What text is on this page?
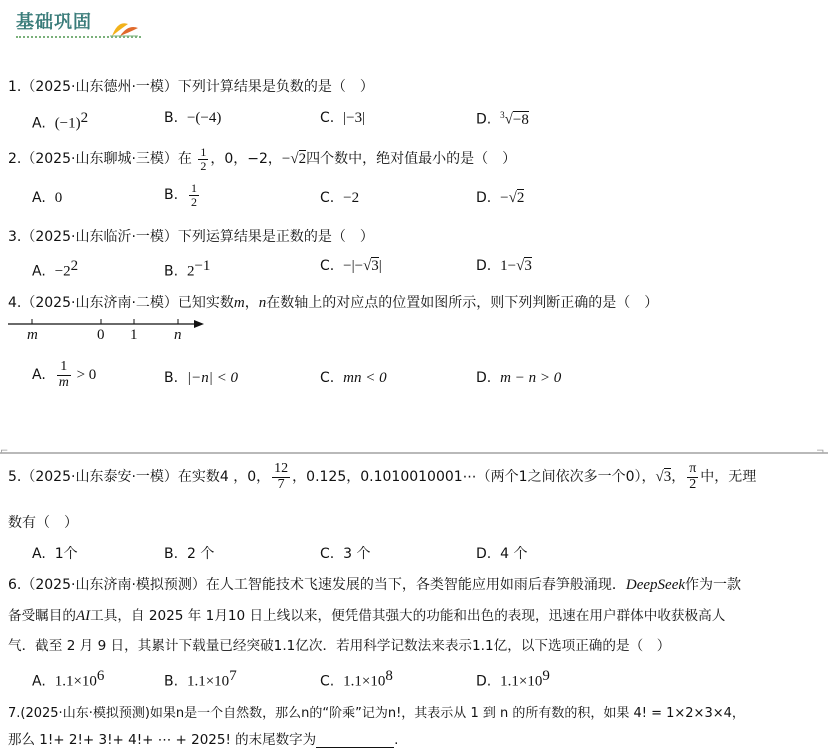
基础巩固
1.（2025·山东德州·一模）下列计算结果是负数的是（　）
A. $(-1)^2$	B. −(−4)	C. |−3|	D. $^3$√−8
2.（2025·山东聊城·三模）在 $\frac{1}{2}$ ，0，−2，−√2四个数中，绝对值最小的是（　）
A. 0	B. $\frac{1}{2}$	C. −2	D. −√2
3.（2025·山东临沂·一模）下列运算结果是正数的是（　）
A. $-2^2$	B. $2^{-1}$	C. −|−√3|	D. 1−√3
4.（2025·山东济南·二模）已知实数m，n在数轴上的对应点的位置如图所示，则下列判断正确的是（　）
m	0 1 n
A. $\frac{1}{m} > 0$	B. |−n| < 0	C. mn < 0	D. m − n > 0
⌐	¬
5.（2025·山东泰安·一模）在实数4 ，0， $\frac{12}{7}$ ，0.125，0.1010010001⋯（两个1之间依次多一个0），√3， $\frac{\pi}{2}$ 中，无理
数有（　）
A. 1个	B. 2 个	C. 3 个	D. 4 个
6.（2025·山东济南·模拟预测）在人工智能技术飞速发展的当下，各类智能应用如雨后春笋般涌现．DeepSeek作为一款
备受瞩目的AI工具，自 2025 年 1月10 日上线以来，便凭借其强大的功能和出色的表现，迅速在用户群体中收获极高人
气．截至 2 月 9 日，其累计下载量已经突破1.1亿次．若用科学记数法来表示1.1亿，以下选项正确的是（　）
A. $1.1\times 10^6$	B. $1.1\times 10^7$	C. $1.1\times 10^8$	D. $1.1\times 10^9$
7.(2025·山东·模拟预测)如果n是一个自然数，那么n的“阶乘”记为n!，其表示从 1 到 n 的所有数的积，如果 4! = 1×2×3×4，
那么 1!+ 2!+ 3!+ 4!+ ⋯ + 2025! 的末尾数字为	.
